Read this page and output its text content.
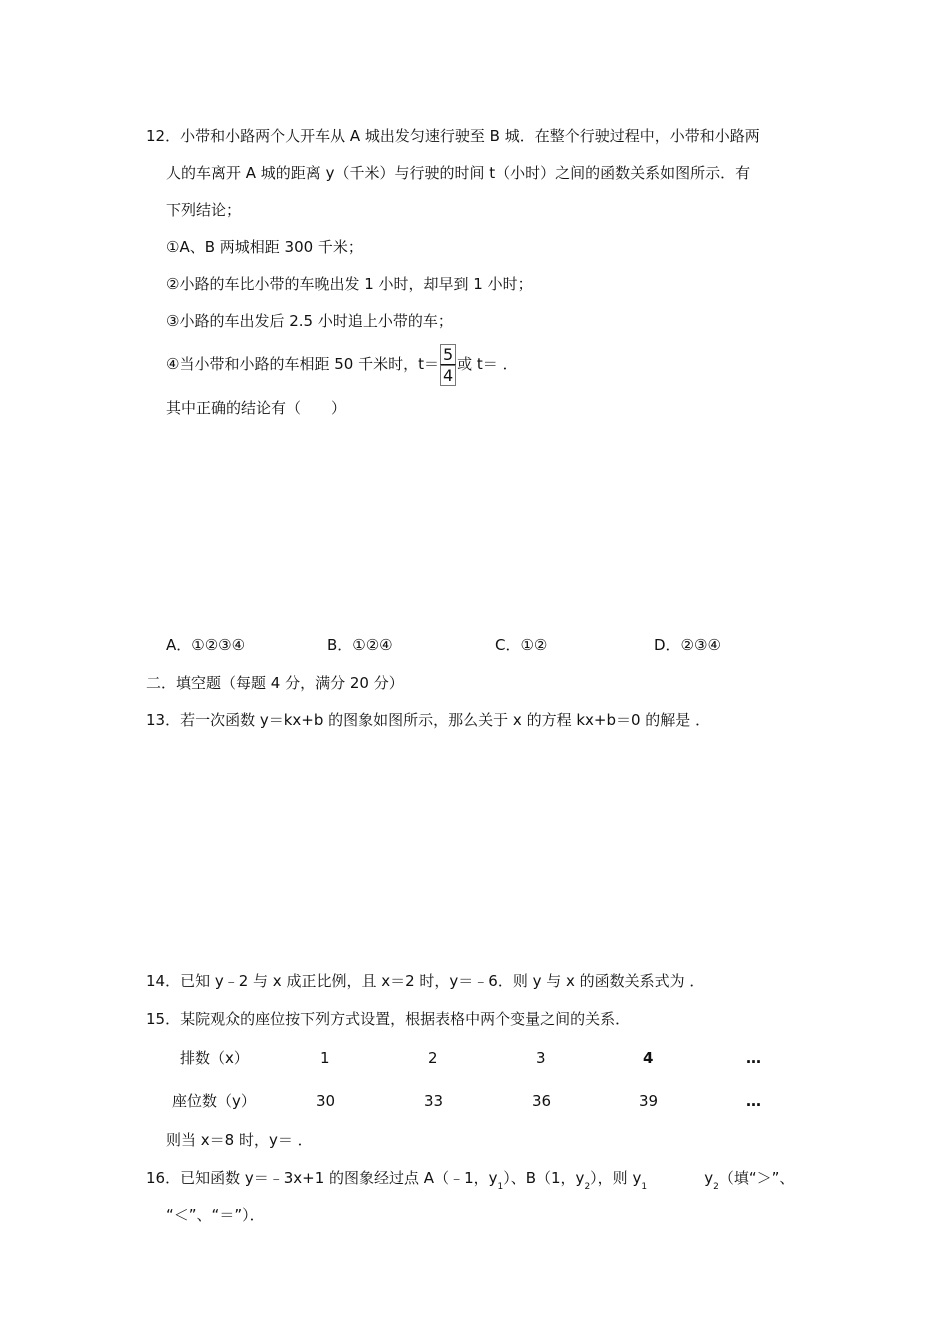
12．小带和小路两个人开车从 A 城出发匀速行驶至 B 城．在整个行驶过程中，小带和小路两
人的车离开 A 城的距离 y（千米）与行驶的时间 t（小时）之间的函数关系如图所示．有
下列结论；
①A、B 两城相距 300 千米；
②小路的车比小带的车晚出发 1 小时，却早到 1 小时；
③小路的车出发后 2.5 小时追上小带的车；
④当小带和小路的车相距 50 千米时，$t= \frac{5}{4}$ 或 t＝ ．
其中正确的结论有（　　）
A．①②③④	B．①②④	C．①②	D．②③④
二．填空题（每题 4 分，满分 20 分）
13．若一次函数 y＝kx+b 的图象如图所示，那么关于 x 的方程 kx+b＝0 的解是 ．
14．已知 y﹣2 与 x 成正比例，且 x＝2 时，y＝﹣6．则 y 与 x 的函数关系式为 ．
15．某院观众的座位按下列方式设置，根据表格中两个变量之间的关系．
排数（x）	1	2	3	4	…
座位数（y）	30	33	36	39	…
则当 x＝8 时，y＝ ．
16．已知函数 y＝﹣3x+1 的图象经过点 A（﹣1，$y_1$）、B（1，$y_2$），则 $y_1$            $y_2$（填“＞”、
“＜”、“＝”）．
